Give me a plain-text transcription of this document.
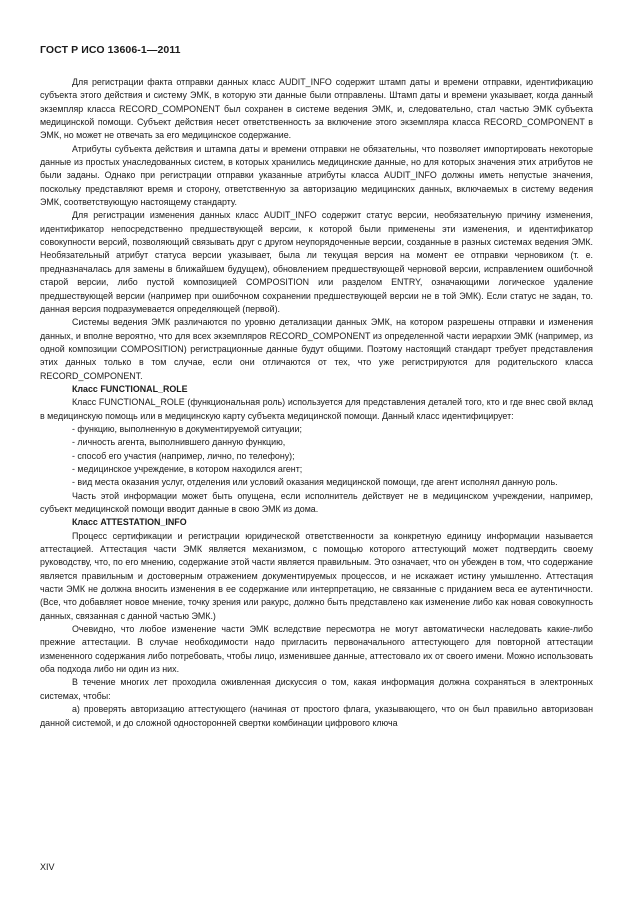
ГОСТ Р ИСО 13606-1—2011

Для регистрации факта отправки данных класс AUDIT_INFO содержит штамп даты и времени отправки, идентификацию субъекта этого действия и систему ЭМК, в которую эти данные были отправлены. Штамп даты и времени указывает, когда данный экземпляр класса RECORD_COMPONENT был сохранен в системе ведения ЭМК, и, следовательно, стал частью ЭМК субъекта медицинской помощи. Субъект действия несет ответственность за включение этого экземпляра класса RECORD_COMPONENT в ЭМК, но может не отвечать за его медицинское содержание.

Атрибуты субъекта действия и штампа даты и времени отправки не обязательны, что позволяет импортировать некоторые данные из простых унаследованных систем, в которых хранились медицинские данные, но для которых значения этих атрибутов не были заданы. Однако при регистрации отправки указанные атрибуты класса AUDIT_INFO должны иметь непустые значения, поскольку представляют время и сторону, ответственную за авторизацию медицинских данных, включаемых в систему ведения ЭМК, соответствующую настоящему стандарту.

Для регистрации изменения данных класс AUDIT_INFO содержит статус версии, необязательную причину изменения, идентификатор непосредственно предшествующей версии, к которой были применены эти изменения, и идентификатор совокупности версий, позволяющий связывать друг с другом неупорядоченные версии, созданные в разных системах ведения ЭМК. Необязательный атрибут статуса версии указывает, была ли текущая версия на момент ее отправки черновиком (т. е. предназначалась для замены в ближайшем будущем), обновлением предшествующей черновой версии, исправлением ошибочной старой версии, либо пустой композицией COMPOSITION или разделом ENTRY, означающими логическое удаление предшествующей версии (например при ошибочном сохранении предшествующей версии не в той ЭМК). Если статус не задан, то. данная версия подразумевается определяющей (первой).

Системы ведения ЭМК различаются по уровню детализации данных ЭМК, на котором разрешены отправки и изменения данных, и вполне вероятно, что для всех экземпляров RECORD_COMPONENT из определенной части иерархии ЭМК (например, из одной композиции COMPOSITION) регистрационные данные будут общими. Поэтому настоящий стандарт требует представления этих данных только в том случае, если они отличаются от тех, что уже регистрируются для родительского класса RECORD_COMPONENT.

Класс FUNCTIONAL_ROLE

Класс FUNCTIONAL_ROLE (функциональная роль) используется для представления деталей того, кто и где внес свой вклад в медицинскую помощь или в медицинскую карту субъекта медицинской помощи. Данный класс идентифицирует:

- функцию, выполненную в документируемой ситуации;

- личность агента, выполнившего данную функцию,

- способ его участия (например, лично, по телефону);

- медицинское учреждение, в котором находился агент;

- вид места оказания услуг, отделения или условий оказания медицинской помощи, где агент исполнял данную роль.

Часть этой информации может быть опущена, если исполнитель действует не в медицинском учреждении, например, субъект медицинской помощи вводит данные в свою ЭМК из дома.

Класс ATTESTATION_INFO

Процесс сертификации и регистрации юридической ответственности за конкретную единицу информации называется аттестацией. Аттестация части ЭМК является механизмом, с помощью которого аттестующий может подтвердить своему руководству, что, по его мнению, содержание этой части является правильным. Это означает, что он убежден в том, что содержание является правильным и достоверным отражением документируемых процессов, и не искажает истину умышленно. Аттестация части ЭМК не должна вносить изменения в ее содержание или интерпретацию, не связанные с приданием веса ее аутентичности. (Все, что добавляет новое мнение, точку зрения или ракурс, должно быть представлено как изменение либо как новая совокупность данных, связанная с данной частью ЭМК.)

Очевидно, что любое изменение части ЭМК вследствие пересмотра не могут автоматически наследовать какие-либо прежние аттестации. В случае необходимости надо пригласить первоначального аттестующего для повторной аттестации измененного содержания либо потребовать, чтобы лицо, изменившее данные, аттестовало их от своего имени. Можно использовать оба подхода либо ни один из них.

В течение многих лет проходила оживленная дискуссия о том, какая информация должна сохраняться в электронных системах, чтобы:

а) проверять авторизацию аттестующего (начиная от простого флага, указывающего, что он был правильно авторизован данной системой, и до сложной односторонней свертки комбинации цифрового ключа

XIV
